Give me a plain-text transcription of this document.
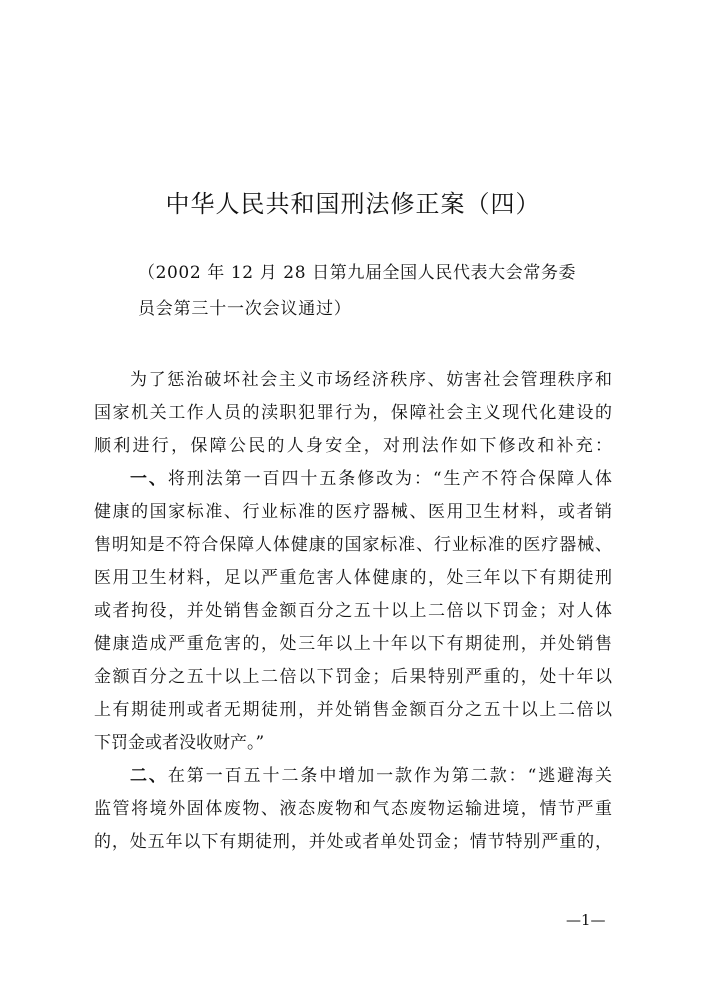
中华人民共和国刑法修正案（四）
（2002 年 12 月 28 日第九届全国人民代表大会常务委
员会第三十一次会议通过）
为了惩治破坏社会主义市场经济秩序、妨害社会管理秩序和
国家机关工作人员的渎职犯罪行为，保障社会主义现代化建设的
顺利进行，保障公民的人身安全，对刑法作如下修改和补充：
一、将刑法第一百四十五条修改为：“生产不符合保障人体
健康的国家标准、行业标准的医疗器械、医用卫生材料，或者销
售明知是不符合保障人体健康的国家标准、行业标准的医疗器械、
医用卫生材料，足以严重危害人体健康的，处三年以下有期徒刑
或者拘役，并处销售金额百分之五十以上二倍以下罚金；对人体
健康造成严重危害的，处三年以上十年以下有期徒刑，并处销售
金额百分之五十以上二倍以下罚金；后果特别严重的，处十年以
上有期徒刑或者无期徒刑，并处销售金额百分之五十以上二倍以
下罚金或者没收财产。”
二、在第一百五十二条中增加一款作为第二款：“逃避海关
监管将境外固体废物、液态废物和气态废物运输进境，情节严重
的，处五年以下有期徒刑，并处或者单处罚金；情节特别严重的，
—1—
